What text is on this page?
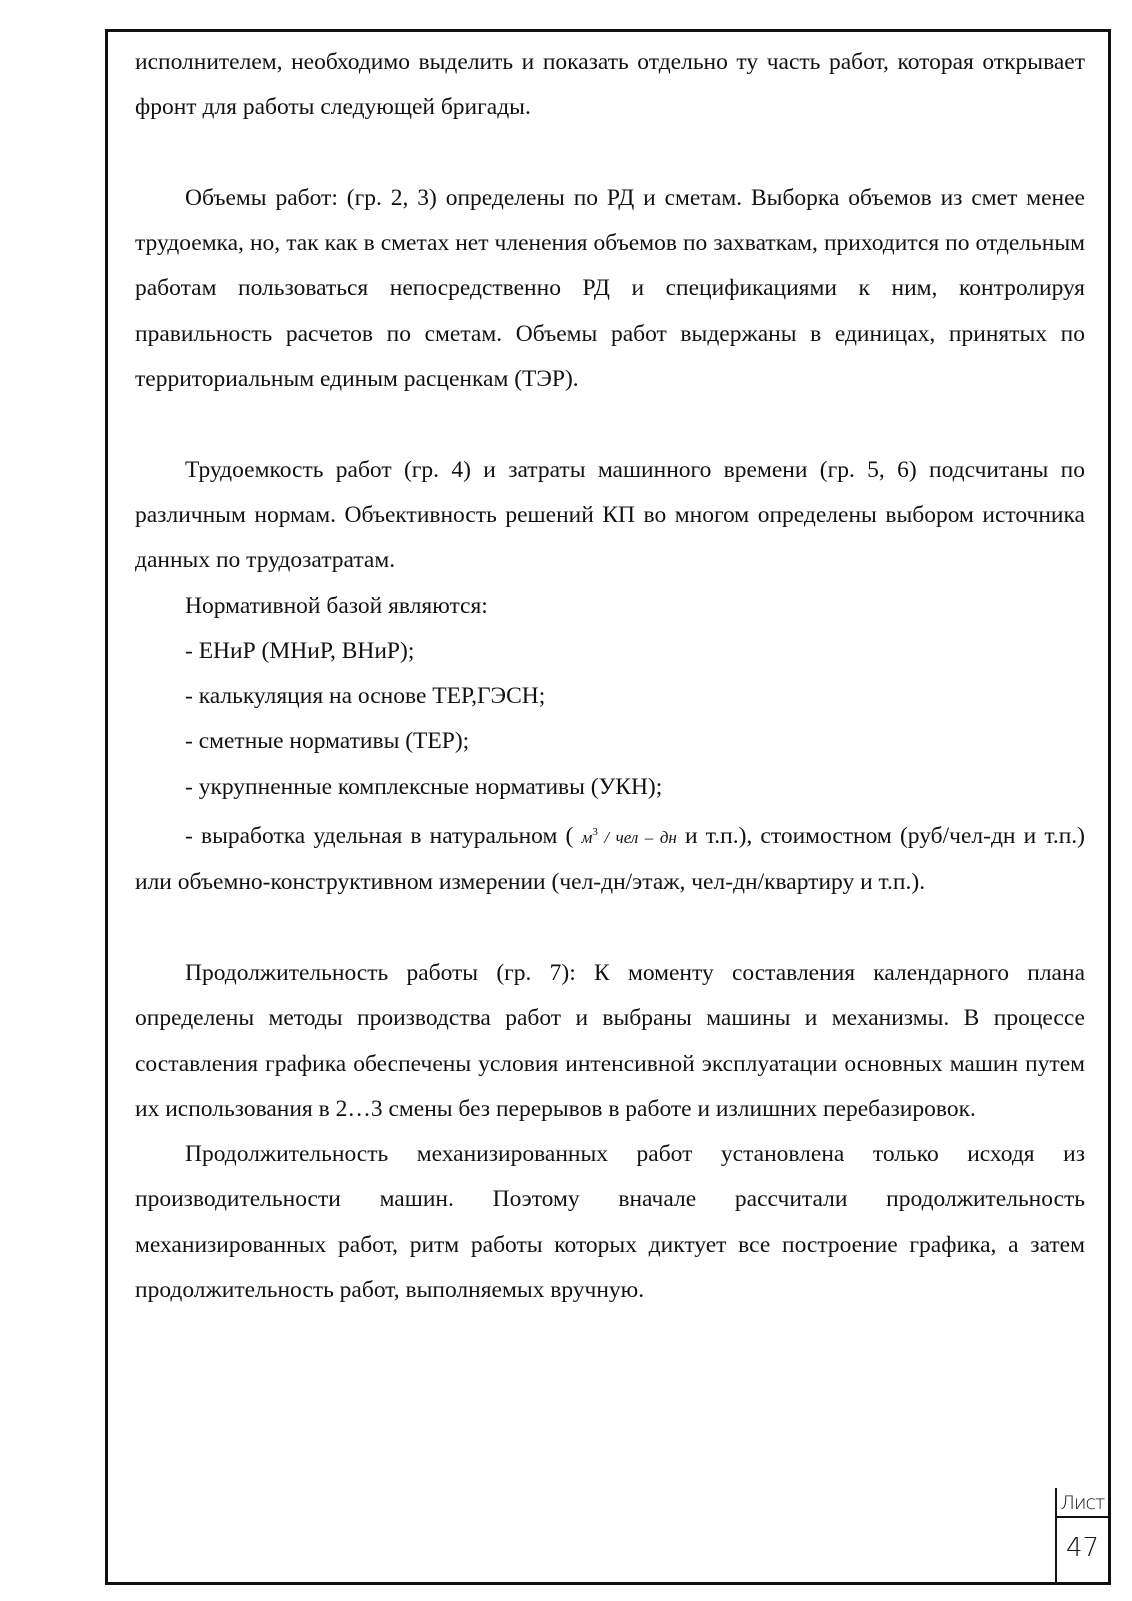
исполнителем, необходимо выделить и показать отдельно ту часть работ, которая открывает фронт для работы следующей бригады.

Объемы работ: (гр. 2, 3) определены по РД и сметам. Выборка объемов из смет менее трудоемка, но, так как в сметах нет членения объемов по захваткам, приходится по отдельным работам пользоваться непосредственно РД и спецификациями к ним, контролируя правильность расчетов по сметам. Объемы работ выдержаны в единицах, принятых по территориальным единым расценкам (ТЭР).

Трудоемкость работ (гр. 4) и затраты машинного времени (гр. 5, 6) подсчитаны по различным нормам. Объективность решений КП во многом определены выбором источника данных по трудозатратам.

Нормативной базой являются:

- ЕНиР (МНиР, ВНиР);

- калькуляция на основе ТЕР,ГЭСН;

- сметные нормативы (ТЕР);

- укрупненные комплексные нормативы (УКН);

- выработка удельная в натуральном ( $м^3$ / чел – дн и т.п.), стоимостном (руб/чел-дн и т.п.) или объемно-конструктивном измерении (чел-дн/этаж, чел-дн/квартиру и т.п.).

Продолжительность работы (гр. 7): К моменту составления календарного плана определены методы производства работ и выбраны машины и механизмы. В процессе составления графика обеспечены условия интенсивной эксплуатации основных машин путем их использования в 2…3 смены без перерывов в работе и излишних перебазировок.

Продолжительность механизированных работ установлена только исходя из производительности машин. Поэтому вначале рассчитали продолжительность механизированных работ, ритм работы которых диктует все построение графика, а затем продолжительность работ, выполняемых вручную.

Лист
47
